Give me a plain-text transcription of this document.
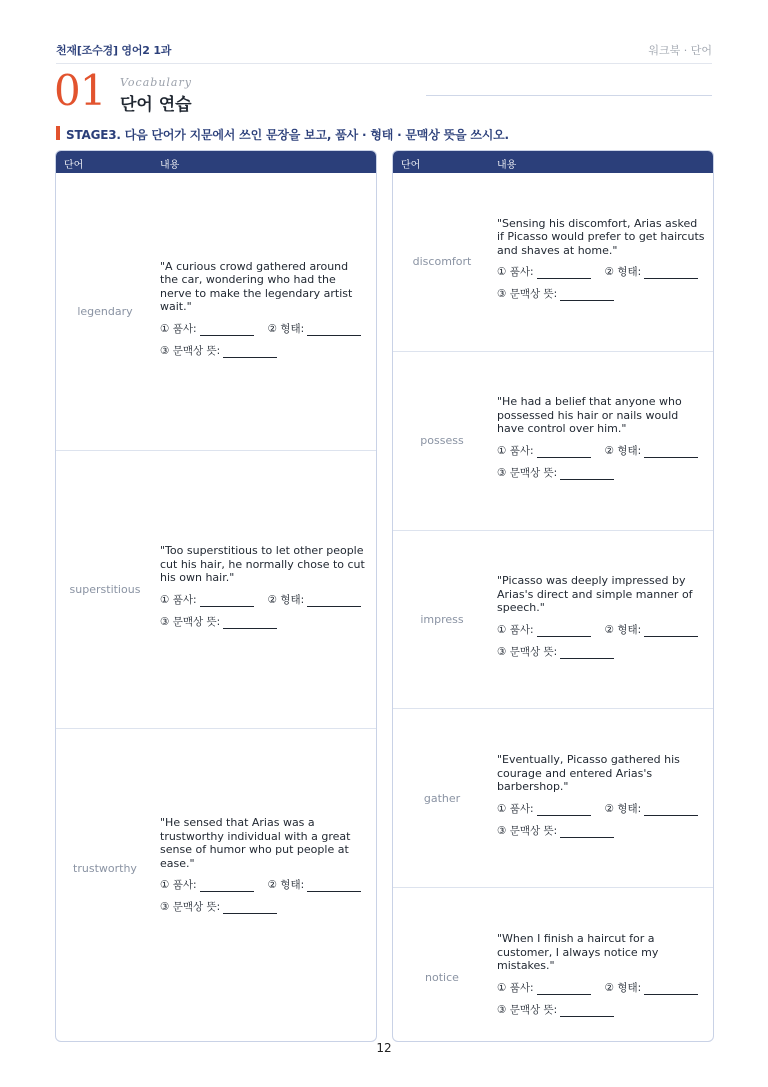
천재[조수경] 영어2 1과	워크북 · 단어
01 Vocabulary
단어 연습
STAGE3. 다음 단어가 지문에서 쓰인 문장을 보고, 품사 · 형태 · 문맥상 뜻을 쓰시오.
단어	내용
legendary
"A curious crowd gathered around the car, wondering who had the nerve to make the legendary artist wait."
① 품사:	② 형태:
③ 문맥상 뜻:
superstitious
"Too superstitious to let other people cut his hair, he normally chose to cut his own hair."
① 품사:	② 형태:
③ 문맥상 뜻:
trustworthy
"He sensed that Arias was a trustworthy individual with a great sense of humor who put people at ease."
① 품사:	② 형태:
③ 문맥상 뜻:
단어	내용
discomfort
"Sensing his discomfort, Arias asked if Picasso would prefer to get haircuts and shaves at home."
① 품사:	② 형태:
③ 문맥상 뜻:
possess
"He had a belief that anyone who possessed his hair or nails would have control over him."
① 품사:	② 형태:
③ 문맥상 뜻:
impress
"Picasso was deeply impressed by Arias's direct and simple manner of speech."
① 품사:	② 형태:
③ 문맥상 뜻:
gather
"Eventually, Picasso gathered his courage and entered Arias's barbershop."
① 품사:	② 형태:
③ 문맥상 뜻:
notice
"When I finish a haircut for a customer, I always notice my mistakes."
① 품사:	② 형태:
③ 문맥상 뜻:
12
